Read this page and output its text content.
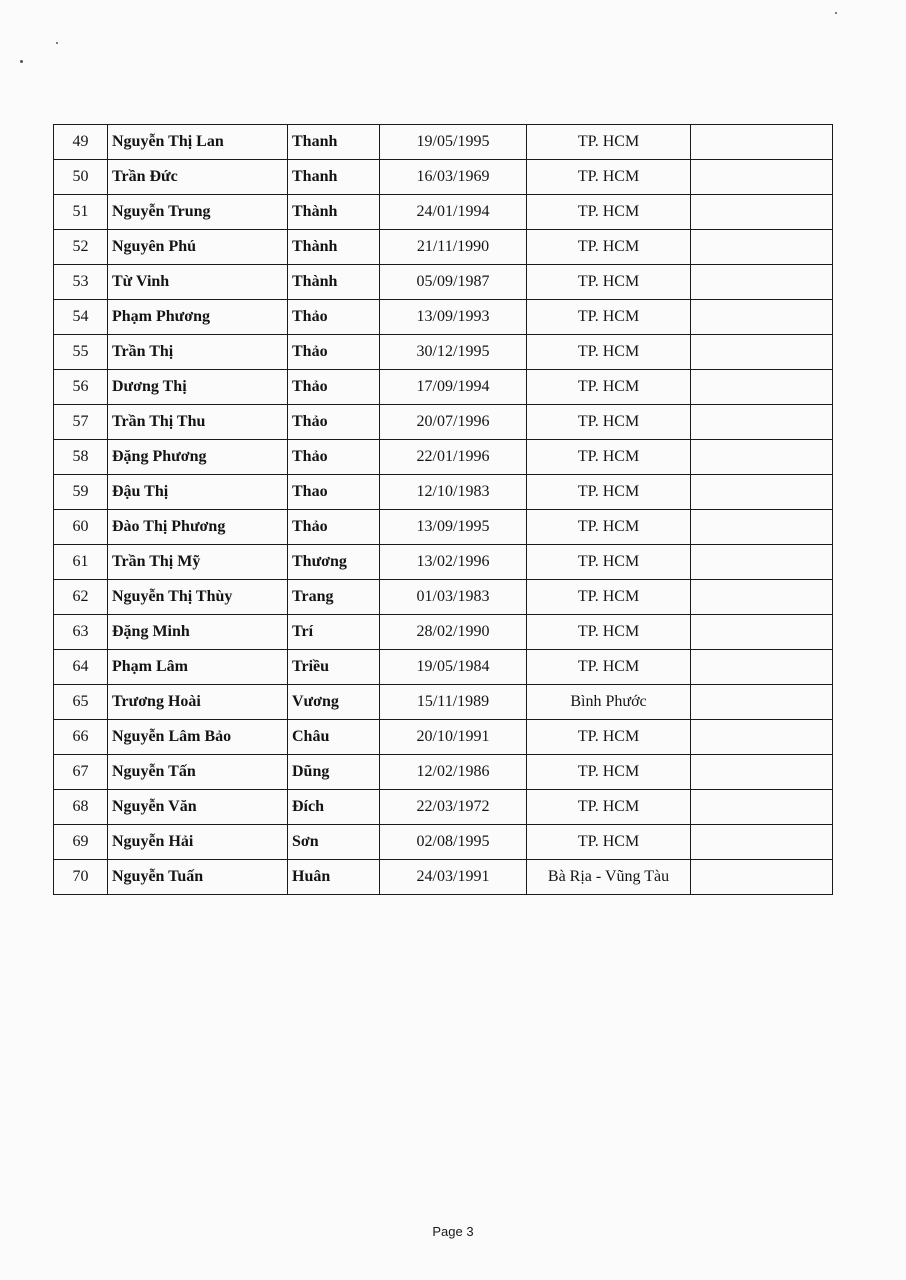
49	Nguyễn Thị Lan	Thanh	19/05/1995	TP. HCM	
50	Trần Đức	Thanh	16/03/1969	TP. HCM	
51	Nguyễn Trung	Thành	24/01/1994	TP. HCM	
52	Nguyên Phú	Thành	21/11/1990	TP. HCM	
53	Từ Vinh	Thành	05/09/1987	TP. HCM	
54	Phạm Phương	Thảo	13/09/1993	TP. HCM	
55	Trần Thị	Thảo	30/12/1995	TP. HCM	
56	Dương Thị	Thảo	17/09/1994	TP. HCM	
57	Trần Thị Thu	Thảo	20/07/1996	TP. HCM	
58	Đặng Phương	Thảo	22/01/1996	TP. HCM	
59	Đậu Thị	Thao	12/10/1983	TP. HCM	
60	Đào Thị Phương	Thảo	13/09/1995	TP. HCM	
61	Trần Thị Mỹ	Thương	13/02/1996	TP. HCM	
62	Nguyễn Thị Thùy	Trang	01/03/1983	TP. HCM	
63	Đặng Minh	Trí	28/02/1990	TP. HCM	
64	Phạm Lâm	Triều	19/05/1984	TP. HCM	
65	Trương Hoài	Vương	15/11/1989	Bình Phước	
66	Nguyễn Lâm Bảo	Châu	20/10/1991	TP. HCM	
67	Nguyễn Tấn	Dũng	12/02/1986	TP. HCM	
68	Nguyễn Văn	Đích	22/03/1972	TP. HCM	
69	Nguyễn Hải	Sơn	02/08/1995	TP. HCM	
70	Nguyễn Tuấn	Huân	24/03/1991	Bà Rịa - Vũng Tàu	
Page 3
